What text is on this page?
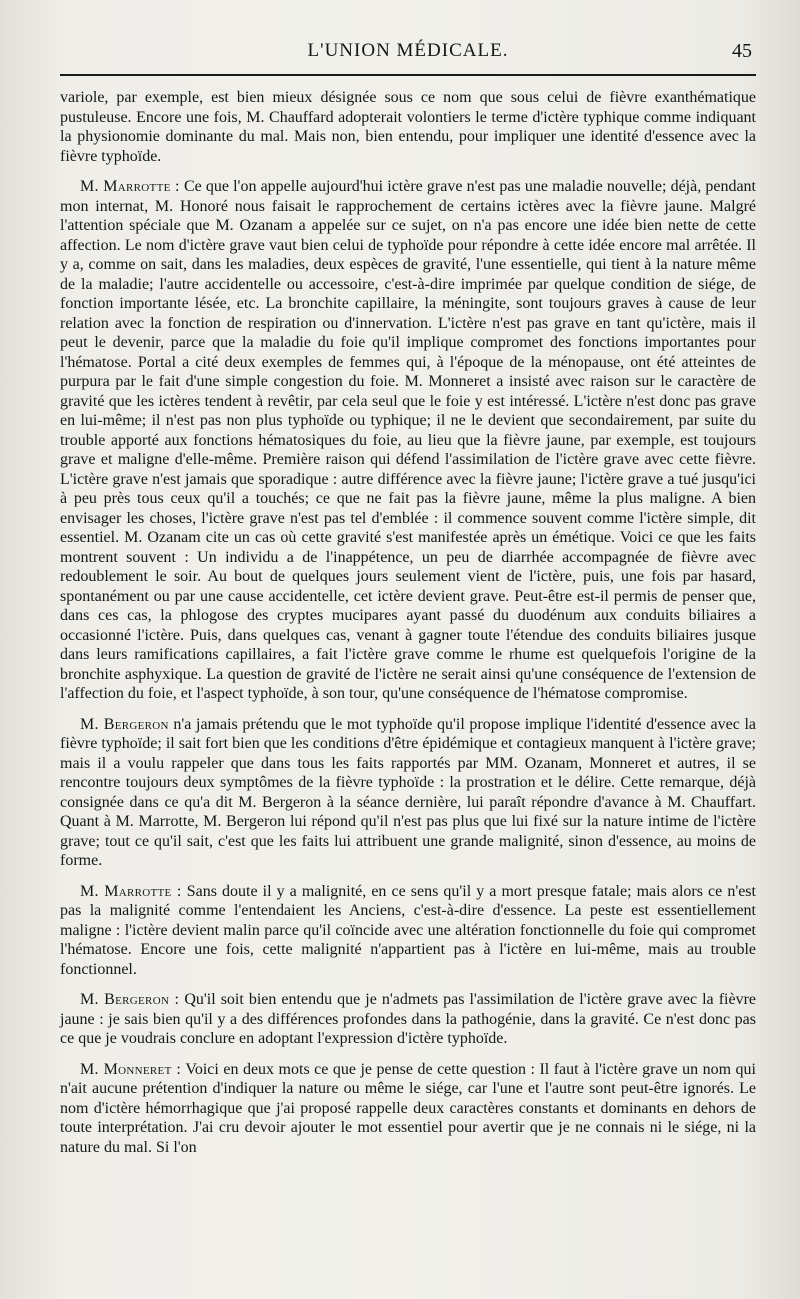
L'UNION MÉDICALE.	45

variole, par exemple, est bien mieux désignée sous ce nom que sous celui de fièvre exanthématique pustuleuse. Encore une fois, M. Chauffard adopterait volontiers le terme d'ictère typhique comme indiquant la physionomie dominante du mal. Mais non, bien entendu, pour impliquer une identité d'essence avec la fièvre typhoïde.

M. Marrotte : Ce que l'on appelle aujourd'hui ictère grave n'est pas une maladie nouvelle; déjà, pendant mon internat, M. Honoré nous faisait le rapprochement de certains ictères avec la fièvre jaune. Malgré l'attention spéciale que M. Ozanam a appelée sur ce sujet, on n'a pas encore une idée bien nette de cette affection. Le nom d'ictère grave vaut bien celui de typhoïde pour répondre à cette idée encore mal arrêtée. Il y a, comme on sait, dans les maladies, deux espèces de gravité, l'une essentielle, qui tient à la nature même de la maladie; l'autre accidentelle ou accessoire, c'est-à-dire imprimée par quelque condition de siége, de fonction importante lésée, etc. La bronchite capillaire, la méningite, sont toujours graves à cause de leur relation avec la fonction de respiration ou d'innervation. L'ictère n'est pas grave en tant qu'ictère, mais il peut le devenir, parce que la maladie du foie qu'il implique compromet des fonctions importantes pour l'hématose. Portal a cité deux exemples de femmes qui, à l'époque de la ménopause, ont été atteintes de purpura par le fait d'une simple congestion du foie. M. Monneret a insisté avec raison sur le caractère de gravité que les ictères tendent à revêtir, par cela seul que le foie y est intéressé. L'ictère n'est donc pas grave en lui-même; il n'est pas non plus typhoïde ou typhique; il ne le devient que secondairement, par suite du trouble apporté aux fonctions hématosiques du foie, au lieu que la fièvre jaune, par exemple, est toujours grave et maligne d'elle-même. Première raison qui défend l'assimilation de l'ictère grave avec cette fièvre. L'ictère grave n'est jamais que sporadique : autre différence avec la fièvre jaune; l'ictère grave a tué jusqu'ici à peu près tous ceux qu'il a touchés; ce que ne fait pas la fièvre jaune, même la plus maligne. A bien envisager les choses, l'ictère grave n'est pas tel d'emblée : il commence souvent comme l'ictère simple, dit essentiel. M. Ozanam cite un cas où cette gravité s'est manifestée après un émétique. Voici ce que les faits montrent souvent : Un individu a de l'inappétence, un peu de diarrhée accompagnée de fièvre avec redoublement le soir. Au bout de quelques jours seulement vient de l'ictère, puis, une fois par hasard, spontanément ou par une cause accidentelle, cet ictère devient grave. Peut-être est-il permis de penser que, dans ces cas, la phlogose des cryptes mucipares ayant passé du duodénum aux conduits biliaires a occasionné l'ictère. Puis, dans quelques cas, venant à gagner toute l'étendue des conduits biliaires jusque dans leurs ramifications capillaires, a fait l'ictère grave comme le rhume est quelquefois l'origine de la bronchite asphyxique. La question de gravité de l'ictère ne serait ainsi qu'une conséquence de l'extension de l'affection du foie, et l'aspect typhoïde, à son tour, qu'une conséquence de l'hématose compromise.

M. Bergeron n'a jamais prétendu que le mot typhoïde qu'il propose implique l'identité d'essence avec la fièvre typhoïde; il sait fort bien que les conditions d'être épidémique et contagieux manquent à l'ictère grave; mais il a voulu rappeler que dans tous les faits rapportés par MM. Ozanam, Monneret et autres, il se rencontre toujours deux symptômes de la fièvre typhoïde : la prostration et le délire. Cette remarque, déjà consignée dans ce qu'a dit M. Bergeron à la séance dernière, lui paraît répondre d'avance à M. Chauffart. Quant à M. Marrotte, M. Bergeron lui répond qu'il n'est pas plus que lui fixé sur la nature intime de l'ictère grave; tout ce qu'il sait, c'est que les faits lui attribuent une grande malignité, sinon d'essence, au moins de forme.

M. Marrotte : Sans doute il y a malignité, en ce sens qu'il y a mort presque fatale; mais alors ce n'est pas la malignité comme l'entendaient les Anciens, c'est-à-dire d'essence. La peste est essentiellement maligne : l'ictère devient malin parce qu'il coïncide avec une altération fonctionnelle du foie qui compromet l'hématose. Encore une fois, cette malignité n'appartient pas à l'ictère en lui-même, mais au trouble fonctionnel.

M. Bergeron : Qu'il soit bien entendu que je n'admets pas l'assimilation de l'ictère grave avec la fièvre jaune : je sais bien qu'il y a des différences profondes dans la pathogénie, dans la gravité. Ce n'est donc pas ce que je voudrais conclure en adoptant l'expression d'ictère typhoïde.

M. Monneret : Voici en deux mots ce que je pense de cette question : Il faut à l'ictère grave un nom qui n'ait aucune prétention d'indiquer la nature ou même le siége, car l'une et l'autre sont peut-être ignorés. Le nom d'ictère hémorrhagique que j'ai proposé rappelle deux caractères constants et dominants en dehors de toute interprétation. J'ai cru devoir ajouter le mot essentiel pour avertir que je ne connais ni le siége, ni la nature du mal. Si l'on
